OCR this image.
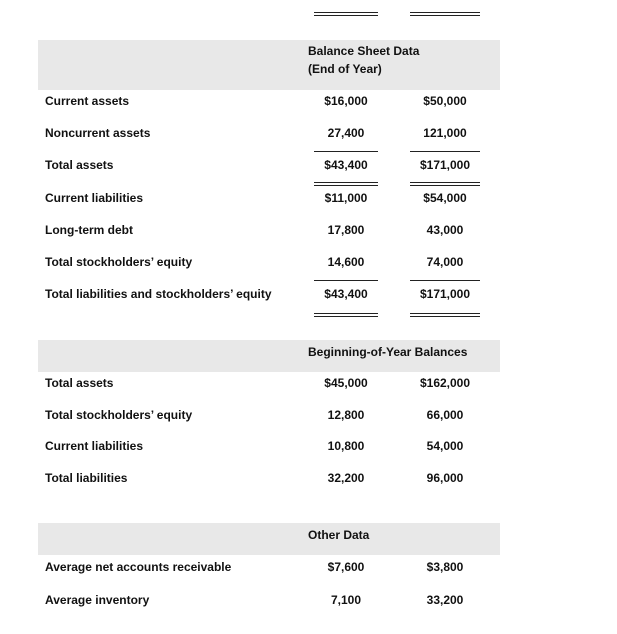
Balance Sheet Data
(End of Year)
Current assets	$16,000	$50,000
Noncurrent assets	27,400	121,000
Total assets	$43,400	$171,000
Current liabilities	$11,000	$54,000
Long-term debt	17,800	43,000
Total stockholders’ equity	14,600	74,000
Total liabilities and stockholders’ equity	$43,400	$171,000
Beginning-of-Year Balances
Total assets	$45,000	$162,000
Total stockholders’ equity	12,800	66,000
Current liabilities	10,800	54,000
Total liabilities	32,200	96,000
Other Data
Average net accounts receivable	$7,600	$3,800
Average inventory	7,100	33,200
